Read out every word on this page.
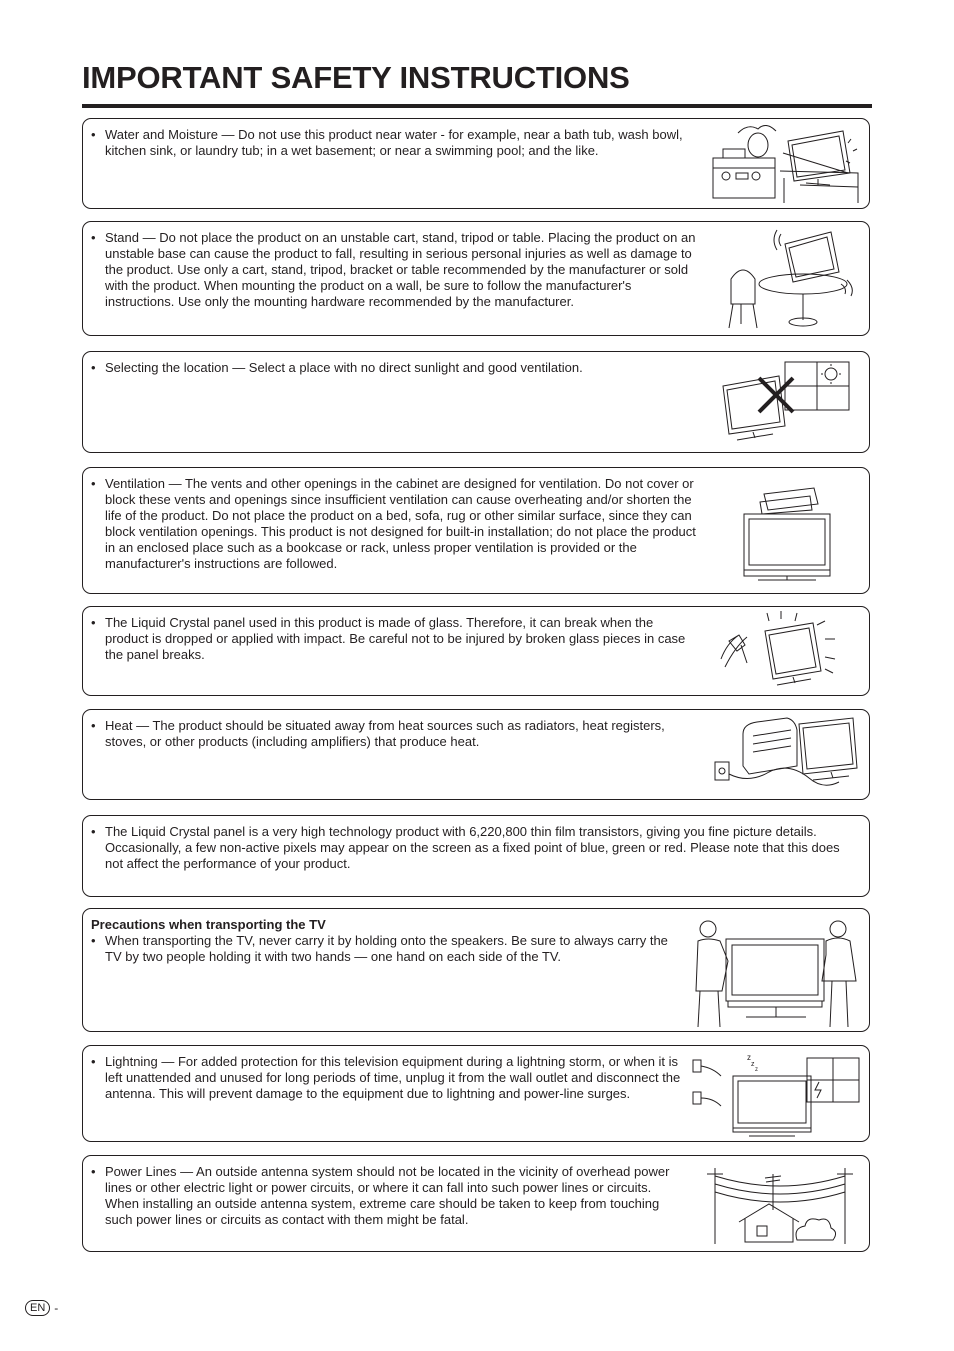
IMPORTANT SAFETY INSTRUCTIONS
• Water and Moisture — Do not use this product near water - for example, near a bath tub, wash bowl, kitchen sink, or laundry tub; in a wet basement; or near a swimming pool; and the like.
• Stand — Do not place the product on an unstable cart, stand, tripod or table. Placing the product on an unstable base can cause the product to fall, resulting in serious personal injuries as well as damage to the product. Use only a cart, stand, tripod, bracket or table recommended by the manufacturer or sold with the product. When mounting the product on a wall, be sure to follow the manufacturer's instructions. Use only the mounting hardware recommended by the manufacturer.
• Selecting the location — Select a place with no direct sunlight and good ventilation.
• Ventilation — The vents and other openings in the cabinet are designed for ventilation. Do not cover or block these vents and openings since insufficient ventilation can cause overheating and/or shorten the life of the product. Do not place the product on a bed, sofa, rug or other similar surface, since they can block ventilation openings. This product is not designed for built-in installation; do not place the product in an enclosed place such as a bookcase or rack, unless proper ventilation is provided or the manufacturer's instructions are followed.
• The Liquid Crystal panel used in this product is made of glass. Therefore, it can break when the product is dropped or applied with impact. Be careful not to be injured by broken glass pieces in case the panel breaks.
• Heat — The product should be situated away from heat sources such as radiators, heat registers, stoves, or other products (including amplifiers) that produce heat.
• The Liquid Crystal panel is a very high technology product with 6,220,800 thin film transistors, giving you fine picture details.
Occasionally, a few non-active pixels may appear on the screen as a fixed point of blue, green or red. Please note that this does not affect the performance of your product.
Precautions when transporting the TV
• When transporting the TV, never carry it by holding onto the speakers. Be sure to always carry the TV by two people holding it with two hands — one hand on each side of the TV.
• Lightning — For added protection for this television equipment during a lightning storm, or when it is left unattended and unused for long periods of time, unplug it from the wall outlet and disconnect the antenna. This will prevent damage to the equipment due to lightning and power-line surges.
z
z
z
• Power Lines — An outside antenna system should not be located in the vicinity of overhead power lines or other electric light or power circuits, or where it can fall into such power lines or circuits. When installing an outside antenna system, extreme care should be taken to keep from touching such power lines or circuits as contact with them might be fatal.
EN -
